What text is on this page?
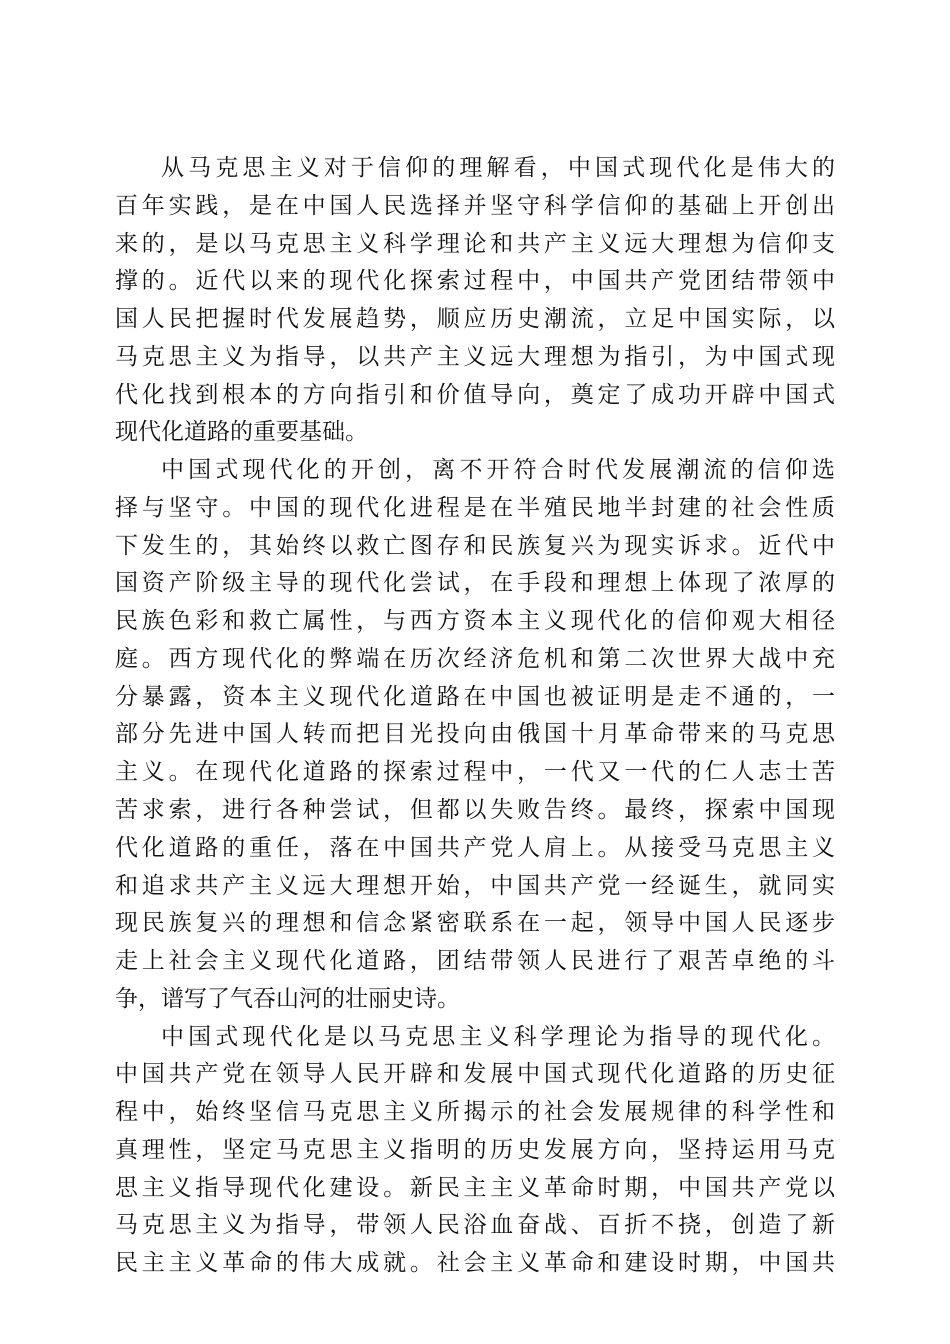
从马克思主义对于信仰的理解看，中国式现代化是伟大的
百年实践，是在中国人民选择并坚守科学信仰的基础上开创出
来的，是以马克思主义科学理论和共产主义远大理想为信仰支
撑的。近代以来的现代化探索过程中，中国共产党团结带领中
国人民把握时代发展趋势，顺应历史潮流，立足中国实际，以
马克思主义为指导，以共产主义远大理想为指引，为中国式现
代化找到根本的方向指引和价值导向，奠定了成功开辟中国式
现代化道路的重要基础。
中国式现代化的开创，离不开符合时代发展潮流的信仰选
择与坚守。中国的现代化进程是在半殖民地半封建的社会性质
下发生的，其始终以救亡图存和民族复兴为现实诉求。近代中
国资产阶级主导的现代化尝试，在手段和理想上体现了浓厚的
民族色彩和救亡属性，与西方资本主义现代化的信仰观大相径
庭。西方现代化的弊端在历次经济危机和第二次世界大战中充
分暴露，资本主义现代化道路在中国也被证明是走不通的，一
部分先进中国人转而把目光投向由俄国十月革命带来的马克思
主义。在现代化道路的探索过程中，一代又一代的仁人志士苦
苦求索，进行各种尝试，但都以失败告终。最终，探索中国现
代化道路的重任，落在中国共产党人肩上。从接受马克思主义
和追求共产主义远大理想开始，中国共产党一经诞生，就同实
现民族复兴的理想和信念紧密联系在一起，领导中国人民逐步
走上社会主义现代化道路，团结带领人民进行了艰苦卓绝的斗
争，谱写了气吞山河的壮丽史诗。
中国式现代化是以马克思主义科学理论为指导的现代化。
中国共产党在领导人民开辟和发展中国式现代化道路的历史征
程中，始终坚信马克思主义所揭示的社会发展规律的科学性和
真理性，坚定马克思主义指明的历史发展方向，坚持运用马克
思主义指导现代化建设。新民主主义革命时期，中国共产党以
马克思主义为指导，带领人民浴血奋战、百折不挠，创造了新
民主主义革命的伟大成就。社会主义革命和建设时期，中国共
